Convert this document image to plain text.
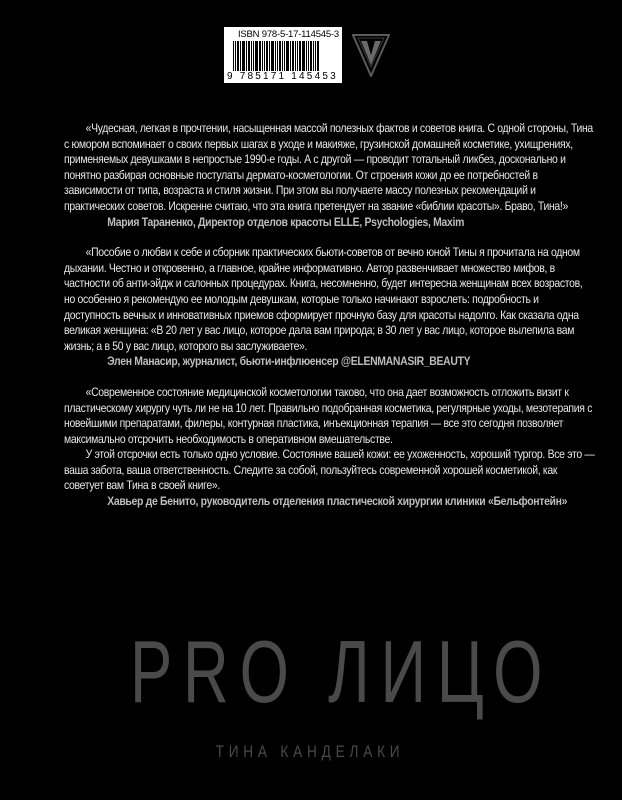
ISBN 978-5-17-114545-3
9 785171 145453

«Чудесная, легкая в прочтении, насыщенная массой полезных фактов и советов книга. С одной стороны, Тина с юмором вспоминает о своих первых шагах в уходе и макияже, грузинской домашней косметике, ухищрениях, применяемых девушками в непростые 1990-е годы. А с другой — проводит тотальный ликбез, досконально и понятно разбирая основные постулаты дермато-косметологии. От строения кожи до ее потребностей в зависимости от типа, возраста и стиля жизни. При этом вы получаете массу полезных рекомендаций и практических советов. Искренне считаю, что эта книга претендует на звание «библии красоты». Браво, Тина!»

Мария Тараненко, Директор отделов красоты ELLE, Psychologies, Maxim

«Пособие о любви к себе и сборник практических бьюти-советов от вечно юной Тины я прочитала на одном дыхании. Честно и откровенно, а главное, крайне информативно. Автор развенчивает множество мифов, в частности об анти-эйдж и салонных процедурах. Книга, несомненно, будет интересна женщинам всех возрастов, но особенно я рекомендую ее молодым девушкам, которые только начинают взрослеть: подробность и доступность вечных и инновативных приемов сформирует прочную базу для красоты надолго. Как сказала одна великая женщина: «В 20 лет у вас лицо, которое дала вам природа; в 30 лет у вас лицо, которое вылепила вам жизнь; а в 50 у вас лицо, которого вы заслуживаете».

Элен Манасир, журналист, бьюти-инфлюенсер @ELENMANASIR_BEAUTY

«Современное состояние медицинской косметологии таково, что она дает возможность отложить визит к пластическому хирургу чуть ли не на 10 лет. Правильно подобранная косметика, регулярные уходы, мезотерапия с новейшими препаратами, филеры, контурная пластика, инъекционная терапия — все это сегодня позволяет максимально отсрочить необходимость в оперативном вмешательстве.

У этой отсрочки есть только одно условие. Состояние вашей кожи: ее ухоженность, хороший тургор. Все это — ваша забота, ваша ответственность. Следите за собой, пользуйтесь современной хорошей косметикой, как советует вам Тина в своей книге».

Хавьер де Бенито, руководитель отделения пластической хирургии клиники «Бельфонтейн»

PRO ЛИЦО
ТИНА КАНДЕЛАКИ
